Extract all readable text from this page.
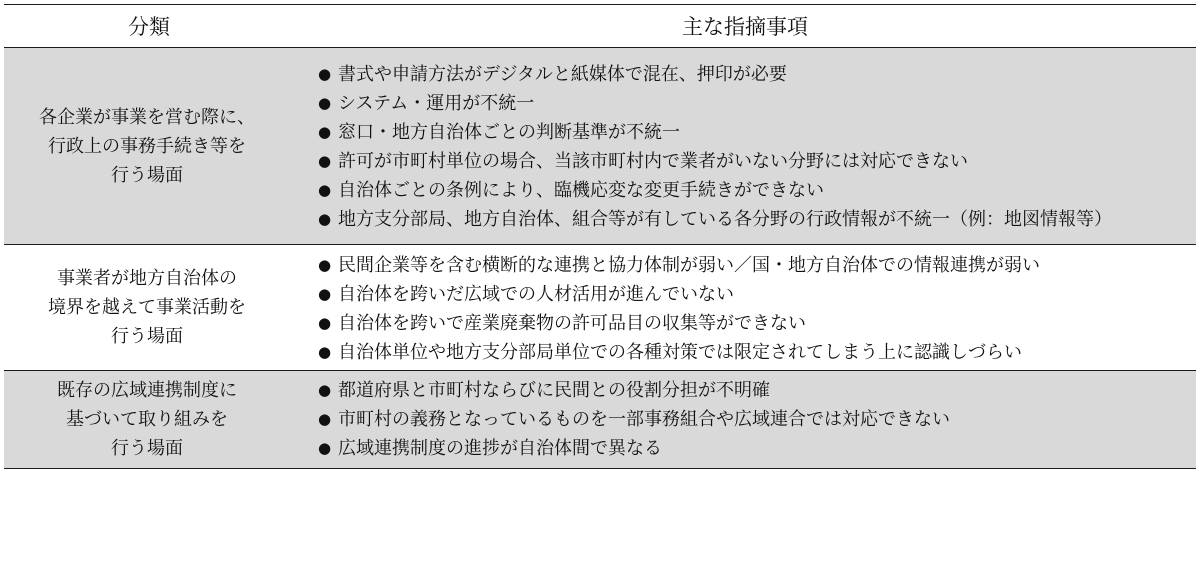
分類	主な指摘事項
各企業が事業を営む際に、
行政上の事務手続き等を
行う場面
● 書式や申請方法がデジタルと紙媒体で混在、押印が必要
● システム・運用が不統一
● 窓口・地方自治体ごとの判断基準が不統一
● 許可が市町村単位の場合、当該市町村内で業者がいない分野には対応できない
● 自治体ごとの条例により、臨機応変な変更手続きができない
● 地方支分部局、地方自治体、組合等が有している各分野の行政情報が不統一（例：地図情報等）
事業者が地方自治体の
境界を越えて事業活動を
行う場面
● 民間企業等を含む横断的な連携と協力体制が弱い／国・地方自治体での情報連携が弱い
● 自治体を跨いだ広域での人材活用が進んでいない
● 自治体を跨いで産業廃棄物の許可品目の収集等ができない
● 自治体単位や地方支分部局単位での各種対策では限定されてしまう上に認識しづらい
既存の広域連携制度に
基づいて取り組みを
行う場面
● 都道府県と市町村ならびに民間との役割分担が不明確
● 市町村の義務となっているものを一部事務組合や広域連合では対応できない
● 広域連携制度の進捗が自治体間で異なる
